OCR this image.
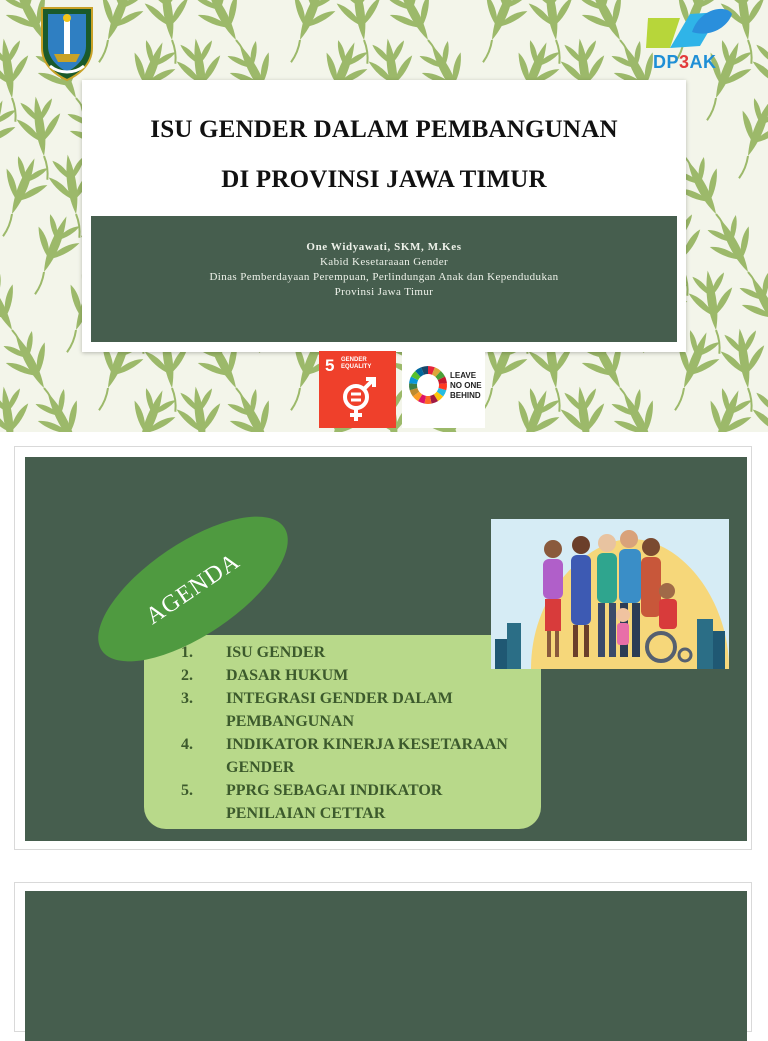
DP3AK
ISU GENDER DALAM PEMBANGUNAN
DI PROVINSI JAWA TIMUR
One Widyawati, SKM, M.Kes
Kabid Kesetaraaan Gender
Dinas Pemberdayaan Perempuan, Perlindungan Anak dan Kependudukan
Provinsi Jawa Timur
5 GENDER
EQUALITY
LEAVE
NO ONE
BEHIND
1. ISU GENDER
2. DASAR HUKUM
3. INTEGRASI GENDER DALAM PEMBANGUNAN
4. INDIKATOR KINERJA KESETARAAN GENDER
5. PPRG SEBAGAI INDIKATOR PENILAIAN CETTAR
AGENDA
